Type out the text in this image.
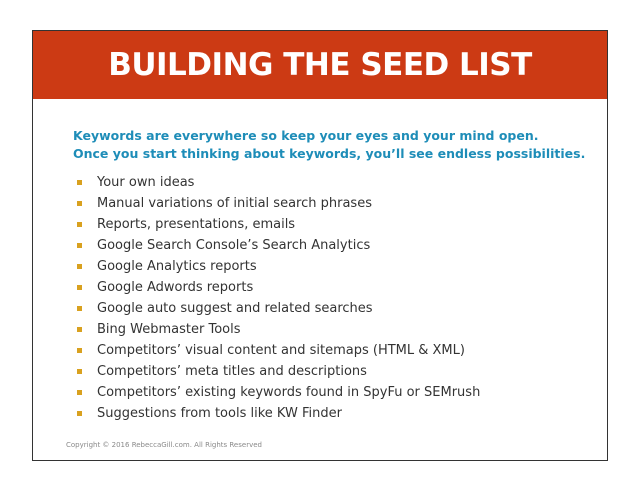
BUILDING THE SEED LIST
Keywords are everywhere so keep your eyes and your mind open.
Once you start thinking about keywords, you’ll see endless possibilities.
Your own ideas
Manual variations of initial search phrases
Reports, presentations, emails
Google Search Console’s Search Analytics
Google Analytics reports
Google Adwords reports
Google auto suggest and related searches
Bing Webmaster Tools
Competitors’ visual content and sitemaps (HTML & XML)
Competitors’ meta titles and descriptions
Competitors’ existing keywords found in SpyFu or SEMrush
Suggestions from tools like KW Finder
Copyright © 2016 RebeccaGill.com. All Rights Reserved
